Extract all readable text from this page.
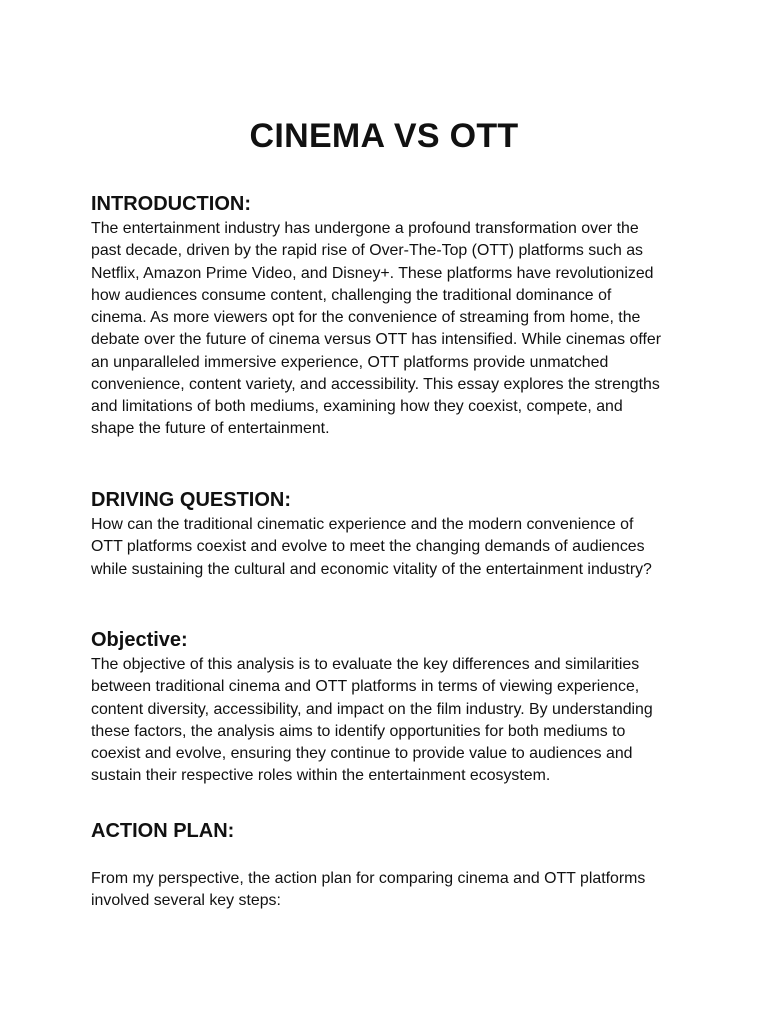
CINEMA VS OTT
INTRODUCTION:

The entertainment industry has undergone a profound transformation over the
past decade, driven by the rapid rise of Over-The-Top (OTT) platforms such as
Netflix, Amazon Prime Video, and Disney+. These platforms have revolutionized
how audiences consume content, challenging the traditional dominance of
cinema. As more viewers opt for the convenience of streaming from home, the
debate over the future of cinema versus OTT has intensified. While cinemas offer
an unparalleled immersive experience, OTT platforms provide unmatched
convenience, content variety, and accessibility. This essay explores the strengths
and limitations of both mediums, examining how they coexist, compete, and
shape the future of entertainment.

DRIVING QUESTION:

How can the traditional cinematic experience and the modern convenience of
OTT platforms coexist and evolve to meet the changing demands of audiences
while sustaining the cultural and economic vitality of the entertainment industry?

Objective:

The objective of this analysis is to evaluate the key differences and similarities
between traditional cinema and OTT platforms in terms of viewing experience,
content diversity, accessibility, and impact on the film industry. By understanding
these factors, the analysis aims to identify opportunities for both mediums to
coexist and evolve, ensuring they continue to provide value to audiences and
sustain their respective roles within the entertainment ecosystem.

ACTION PLAN:

From my perspective, the action plan for comparing cinema and OTT platforms
involved several key steps:
